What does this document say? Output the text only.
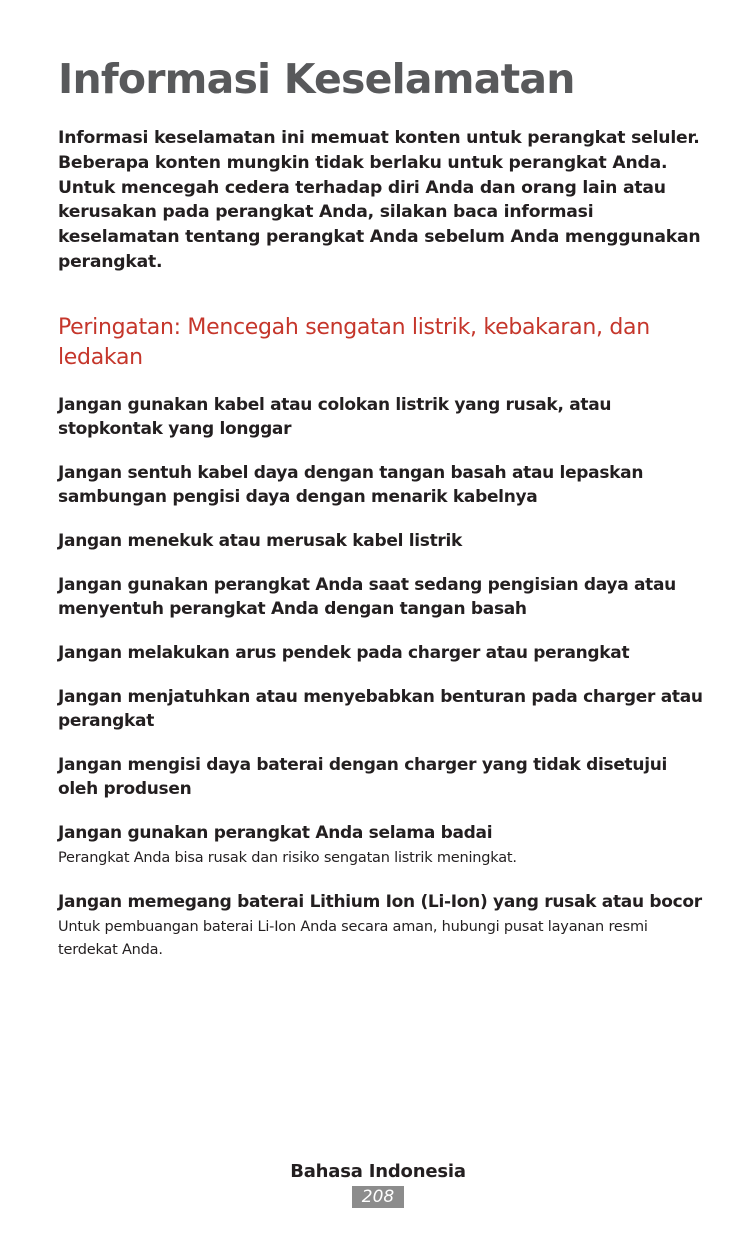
Informasi Keselamatan

Informasi keselamatan ini memuat konten untuk perangkat seluler. Beberapa konten mungkin tidak berlaku untuk perangkat Anda. Untuk mencegah cedera terhadap diri Anda dan orang lain atau kerusakan pada perangkat Anda, silakan baca informasi keselamatan tentang perangkat Anda sebelum Anda menggunakan perangkat.

Peringatan: Mencegah sengatan listrik, kebakaran, dan ledakan
Jangan gunakan kabel atau colokan listrik yang rusak, atau stopkontak yang longgar
Jangan sentuh kabel daya dengan tangan basah atau lepaskan sambungan pengisi daya dengan menarik kabelnya
Jangan menekuk atau merusak kabel listrik
Jangan gunakan perangkat Anda saat sedang pengisian daya atau menyentuh perangkat Anda dengan tangan basah
Jangan melakukan arus pendek pada charger atau perangkat
Jangan menjatuhkan atau menyebabkan benturan pada charger atau perangkat
Jangan mengisi daya baterai dengan charger yang tidak disetujui oleh produsen
Jangan gunakan perangkat Anda selama badai
Perangkat Anda bisa rusak dan risiko sengatan listrik meningkat.
Jangan memegang baterai Lithium Ion (Li-Ion) yang rusak atau bocor
Untuk pembuangan baterai Li-Ion Anda secara aman, hubungi pusat layanan resmi terdekat Anda.
Bahasa Indonesia
208
